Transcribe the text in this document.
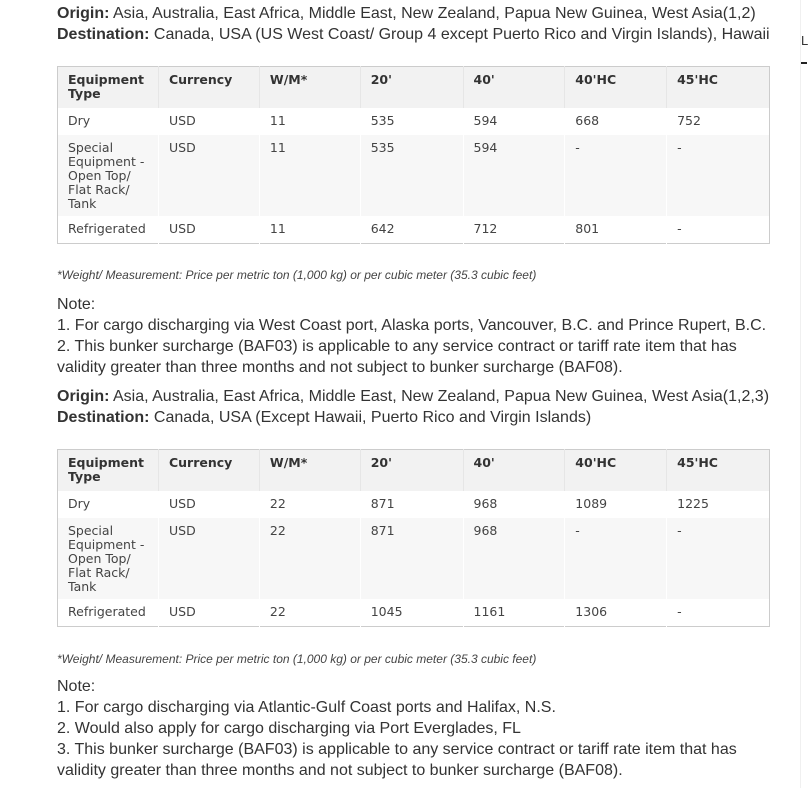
L
Origin: Asia, Australia, East Africa, Middle East, New Zealand, Papua New Guinea, West Asia(1,2)
Destination: Canada, USA (US West Coast/ Group 4 except Puerto Rico and Virgin Islands), Hawaii
Equipment Type	Currency	W/M*	20'	40'	40'HC	45'HC
Dry	USD	11	535	594	668	752
Special Equipment - Open Top/ Flat Rack/ Tank	USD	11	535	594	-	-
Refrigerated	USD	11	642	712	801	-
*Weight/ Measurement: Price per metric ton (1,000 kg) or per cubic meter (35.3 cubic feet)
Note:
1. For cargo discharging via West Coast port, Alaska ports, Vancouver, B.C. and Prince Rupert, B.C.
2. This bunker surcharge (BAF03) is applicable to any service contract or tariff rate item that has validity greater than three months and not subject to bunker surcharge (BAF08).
Origin: Asia, Australia, East Africa, Middle East, New Zealand, Papua New Guinea, West Asia(1,2,3)
Destination: Canada, USA (Except Hawaii, Puerto Rico and Virgin Islands)
Equipment Type	Currency	W/M*	20'	40'	40'HC	45'HC
Dry	USD	22	871	968	1089	1225
Special Equipment - Open Top/ Flat Rack/ Tank	USD	22	871	968	-	-
Refrigerated	USD	22	1045	1161	1306	-
*Weight/ Measurement: Price per metric ton (1,000 kg) or per cubic meter (35.3 cubic feet)
Note:
1. For cargo discharging via Atlantic-Gulf Coast ports and Halifax, N.S.
2. Would also apply for cargo discharging via Port Everglades, FL
3. This bunker surcharge (BAF03) is applicable to any service contract or tariff rate item that has validity greater than three months and not subject to bunker surcharge (BAF08).
